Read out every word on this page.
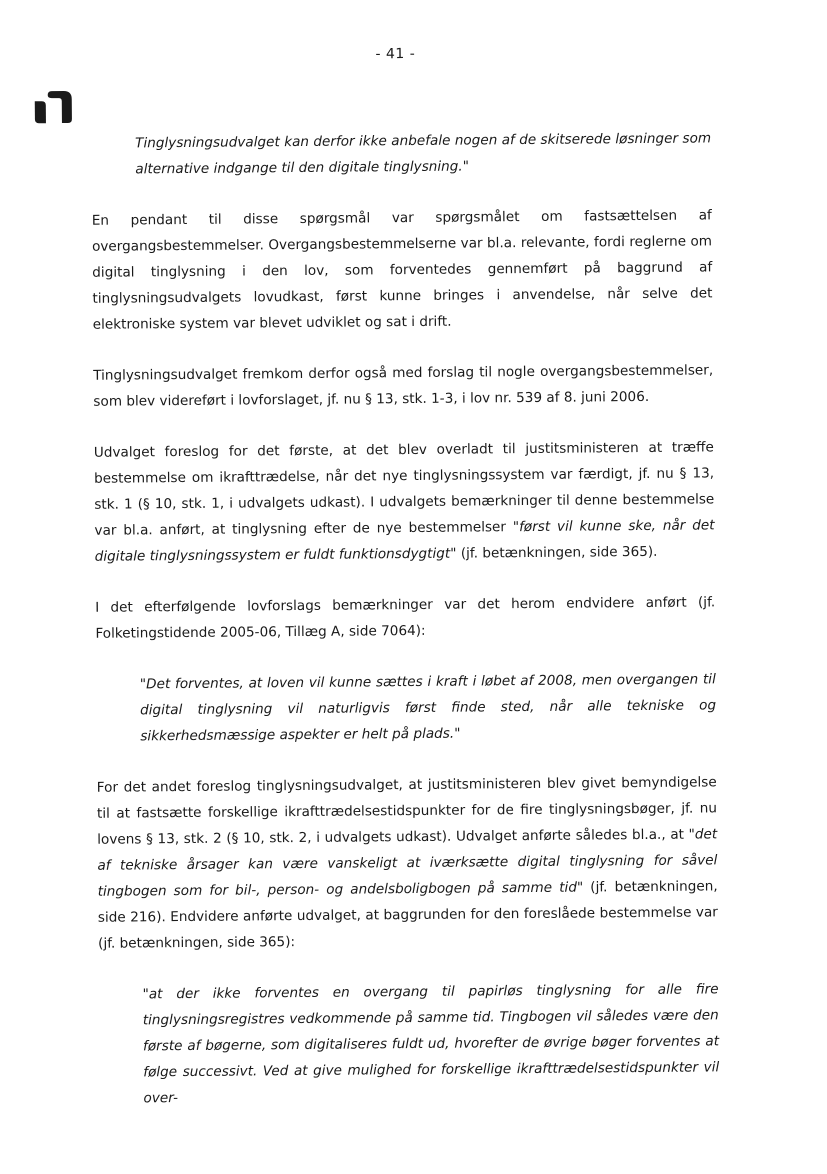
- 41 -

Tinglysningsudvalget kan derfor ikke anbefale nogen af de skitserede løsninger som alternative indgange til den digitale tinglysning."

En pendant til disse spørgsmål var spørgsmålet om fastsættelsen af overgangsbestemmelser. Overgangsbestemmelserne var bl.a. relevante, fordi reglerne om digital tinglysning i den lov, som forventedes gennemført på baggrund af tinglysningsudvalgets lovudkast, først kunne bringes i anvendelse, når selve det elektroniske system var blevet udviklet og sat i drift.

Tinglysningsudvalget fremkom derfor også med forslag til nogle overgangsbestemmelser, som blev videreført i lovforslaget, jf. nu § 13, stk. 1-3, i lov nr. 539 af 8. juni 2006.

Udvalget foreslog for det første, at det blev overladt til justitsministeren at træffe bestemmelse om ikrafttrædelse, når det nye tinglysningssystem var færdigt, jf. nu § 13, stk. 1 (§ 10, stk. 1, i udvalgets udkast). I udvalgets bemærkninger til denne bestemmelse var bl.a. anført, at tinglysning efter de nye bestemmelser "først vil kunne ske, når det digitale tinglysningssystem er fuldt funktionsdygtigt" (jf. betænkningen, side 365).

I det efterfølgende lovforslags bemærkninger var det herom endvidere anført (jf. Folketingstidende 2005-06, Tillæg A, side 7064):

"Det forventes, at loven vil kunne sættes i kraft i løbet af 2008, men overgangen til digital tinglysning vil naturligvis først finde sted, når alle tekniske og sikkerhedsmæssige aspekter er helt på plads."

For det andet foreslog tinglysningsudvalget, at justitsministeren blev givet bemyndigelse til at fastsætte forskellige ikrafttrædelsestidspunkter for de fire tinglysningsbøger, jf. nu lovens § 13, stk. 2 (§ 10, stk. 2, i udvalgets udkast). Udvalget anførte således bl.a., at "det af tekniske årsager kan være vanskeligt at iværksætte digital tinglysning for såvel tingbogen som for bil-, person- og andelsboligbogen på samme tid" (jf. betænkningen, side 216). Endvidere anførte udvalget, at baggrunden for den foreslåede bestemmelse var (jf. betænkningen, side 365):

"at der ikke forventes en overgang til papirløs tinglysning for alle fire tinglysningsregistres vedkommende på samme tid. Tingbogen vil således være den første af bøgerne, som digitaliseres fuldt ud, hvorefter de øvrige bøger forventes at følge successivt. Ved at give mulighed for forskellige ikrafttrædelsestidspunkter vil over-
